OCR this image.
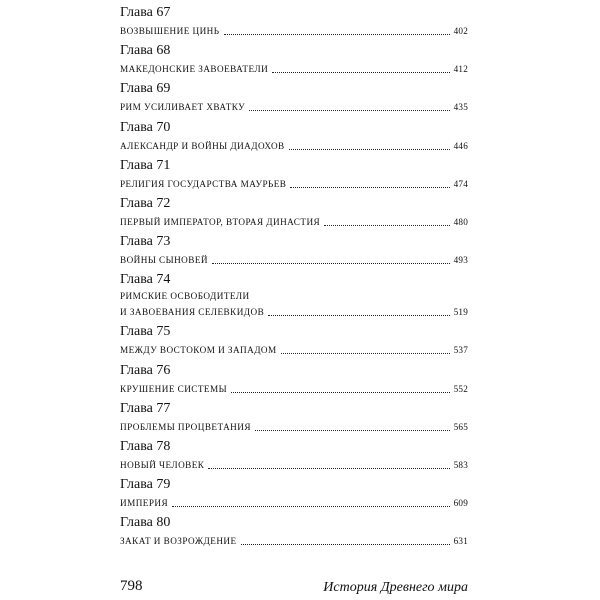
Глава 67
ВОЗВЫШЕНИЕ ЦИНЬ	402
Глава 68
МАКЕДОНСКИЕ ЗАВОЕВАТЕЛИ	412
Глава 69
РИМ УСИЛИВАЕТ ХВАТКУ	435
Глава 70
АЛЕКСАНДР И ВОЙНЫ ДИАДОХОВ	446
Глава 71
РЕЛИГИЯ ГОСУДАРСТВА МАУРЬЕВ	474
Глава 72
ПЕРВЫЙ ИМПЕРАТОР, ВТОРАЯ ДИНАСТИЯ	480
Глава 73
ВОЙНЫ СЫНОВЕЙ	493
Глава 74
РИМСКИЕ ОСВОБОДИТЕЛИ
И ЗАВОЕВАНИЯ СЕЛЕВКИДОВ	519
Глава 75
МЕЖДУ ВОСТОКОМ И ЗАПАДОМ	537
Глава 76
КРУШЕНИЕ СИСТЕМЫ	552
Глава 77
ПРОБЛЕМЫ ПРОЦВЕТАНИЯ	565
Глава 78
НОВЫЙ ЧЕЛОВЕК	583
Глава 79
ИМПЕРИЯ	609
Глава 80
ЗАКАТ И ВОЗРОЖДЕНИЕ	631
798	История Древнего мира
